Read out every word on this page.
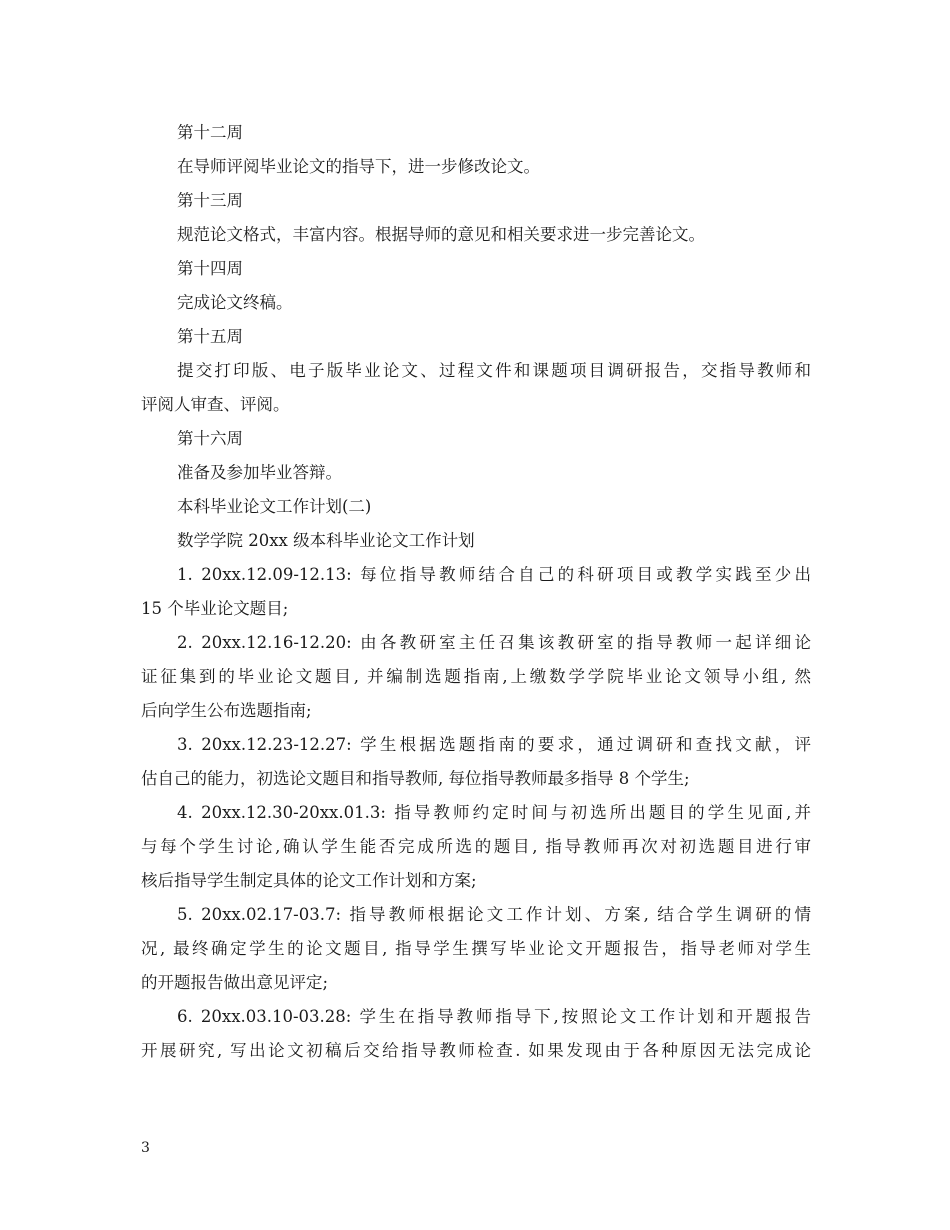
第十二周
在导师评阅毕业论文的指导下，进一步修改论文。
第十三周
规范论文格式，丰富内容。根据导师的意见和相关要求进一步完善论文。
第十四周
完成论文终稿。
第十五周
提交打印版、电子版毕业论文、过程文件和课题项目调研报告，交指导教师和
评阅人审查、评阅。
第十六周
准备及参加毕业答辩。
本科毕业论文工作计划(二)
数学学院 20xx 级本科毕业论文工作计划
1. 20xx.12.09-12.13: 每位指导教师结合自己的科研项目或教学实践至少出
15 个毕业论文题目;
2. 20xx.12.16-12.20: 由各教研室主任召集该教研室的指导教师一起详细论
证征集到的毕业论文题目, 并编制选题指南,上缴数学学院毕业论文领导小组, 然
后向学生公布选题指南;
3. 20xx.12.23-12.27: 学生根据选题指南的要求，通过调研和查找文献，评
估自己的能力，初选论文题目和指导教师, 每位指导教师最多指导 8 个学生;
4. 20xx.12.30-20xx.01.3: 指导教师约定时间与初选所出题目的学生见面,并
与每个学生讨论,确认学生能否完成所选的题目, 指导教师再次对初选题目进行审
核后指导学生制定具体的论文工作计划和方案;
5. 20xx.02.17-03.7: 指导教师根据论文工作计划、方案, 结合学生调研的情
况, 最终确定学生的论文题目, 指导学生撰写毕业论文开题报告，指导老师对学生
的开题报告做出意见评定;
6. 20xx.03.10-03.28: 学生在指导教师指导下,按照论文工作计划和开题报告
开展研究, 写出论文初稿后交给指导教师检查. 如果发现由于各种原因无法完成论
3
